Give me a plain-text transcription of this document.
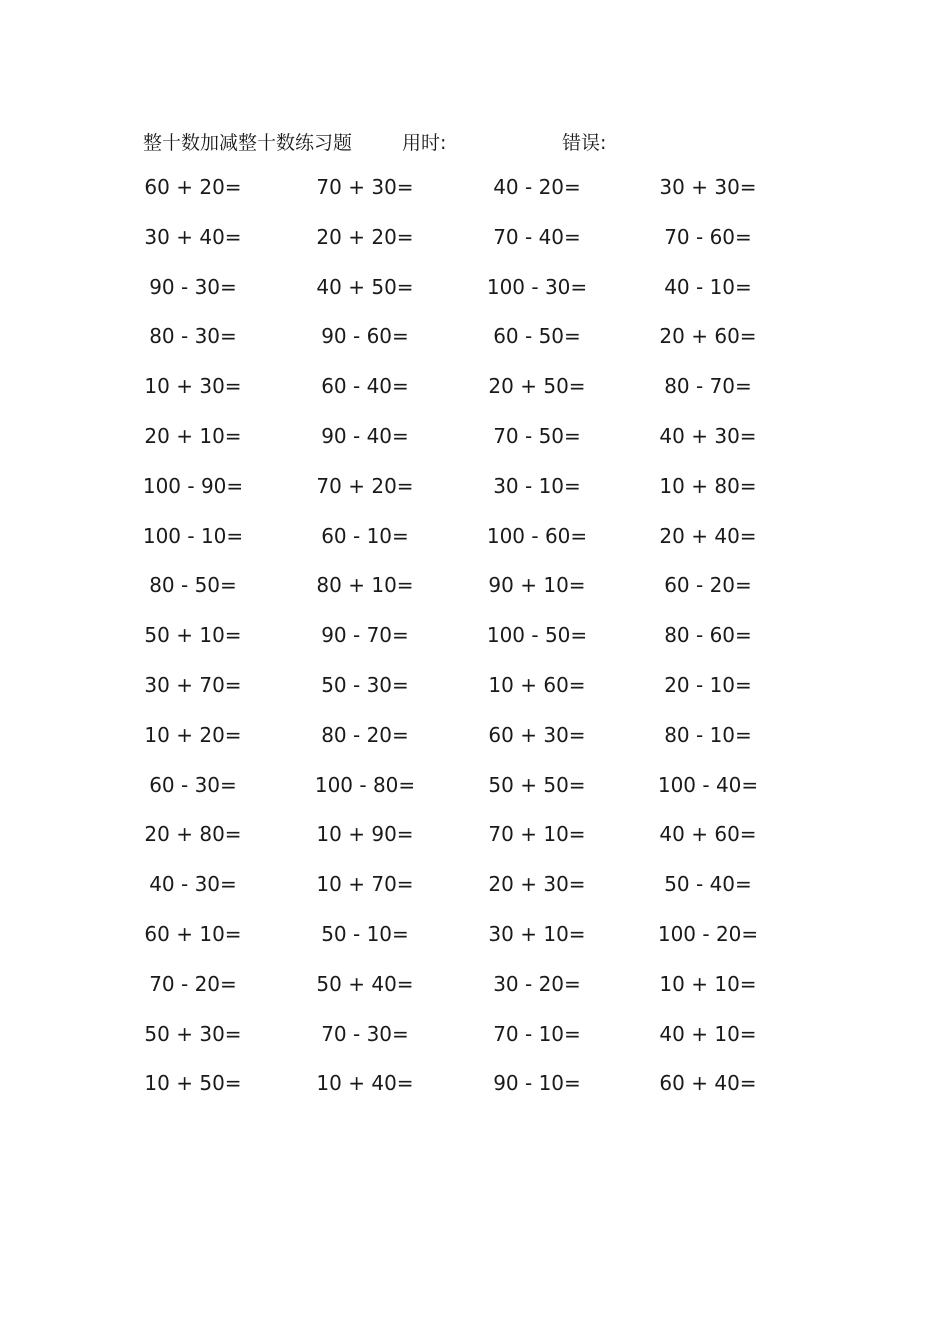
整十数加减整十数练习题	用时:	错误:
60 + 20=	70 + 30=	40 - 20=	30 + 30=
30 + 40=	20 + 20=	70 - 40=	70 - 60=
90 - 30=	40 + 50=	100 - 30=	40 - 10=
80 - 30=	90 - 60=	60 - 50=	20 + 60=
10 + 30=	60 - 40=	20 + 50=	80 - 70=
20 + 10=	90 - 40=	70 - 50=	40 + 30=
100 - 90=	70 + 20=	30 - 10=	10 + 80=
100 - 10=	60 - 10=	100 - 60=	20 + 40=
80 - 50=	80 + 10=	90 + 10=	60 - 20=
50 + 10=	90 - 70=	100 - 50=	80 - 60=
30 + 70=	50 - 30=	10 + 60=	20 - 10=
10 + 20=	80 - 20=	60 + 30=	80 - 10=
60 - 30=	100 - 80=	50 + 50=	100 - 40=
20 + 80=	10 + 90=	70 + 10=	40 + 60=
40 - 30=	10 + 70=	20 + 30=	50 - 40=
60 + 10=	50 - 10=	30 + 10=	100 - 20=
70 - 20=	50 + 40=	30 - 20=	10 + 10=
50 + 30=	70 - 30=	70 - 10=	40 + 10=
10 + 50=	10 + 40=	90 - 10=	60 + 40=
